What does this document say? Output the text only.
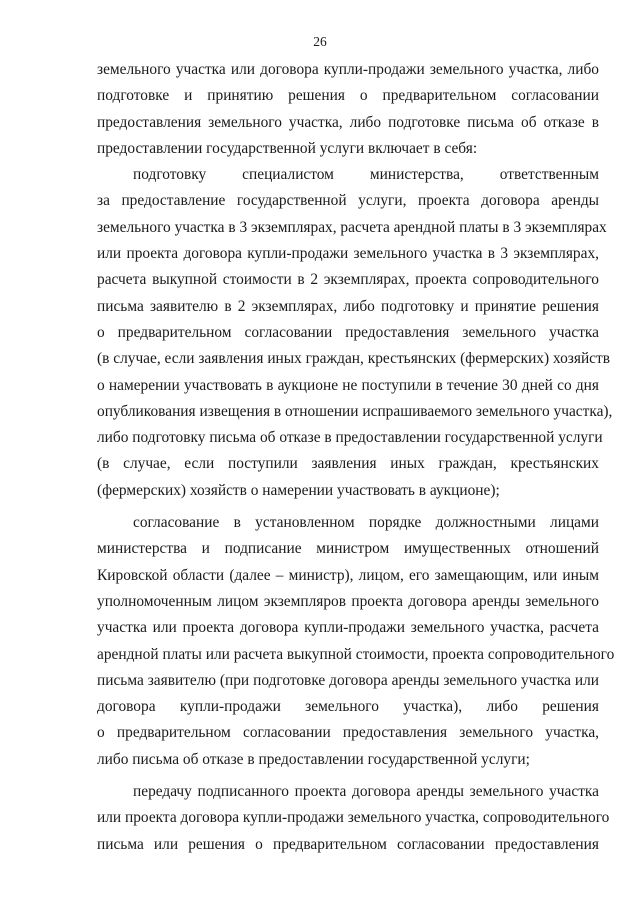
26
земельного участка или договора купли-продажи земельного участка, либо
подготовке и принятию решения о предварительном согласовании
предоставления земельного участка, либо подготовке письма об отказе в
предоставлении государственной услуги включает в себя:
подготовку специалистом министерства, ответственным
за предоставление государственной услуги, проекта договора аренды
земельного участка в 3 экземплярах, расчета арендной платы в 3 экземплярах
или проекта договора купли-продажи земельного участка в 3 экземплярах,
расчета выкупной стоимости в 2 экземплярах, проекта сопроводительного
письма заявителю в 2 экземплярах, либо подготовку и принятие решения
о предварительном согласовании предоставления земельного участка
(в случае, если заявления иных граждан, крестьянских (фермерских) хозяйств
о намерении участвовать в аукционе не поступили в течение 30 дней со дня
опубликования извещения в отношении испрашиваемого земельного участка),
либо подготовку письма об отказе в предоставлении государственной услуги
(в случае, если поступили заявления иных граждан, крестьянских
(фермерских) хозяйств о намерении участвовать в аукционе);
согласование в установленном порядке должностными лицами
министерства и подписание министром имущественных отношений
Кировской области (далее – министр), лицом, его замещающим, или иным
уполномоченным лицом экземпляров проекта договора аренды земельного
участка или проекта договора купли-продажи земельного участка, расчета
арендной платы или расчета выкупной стоимости, проекта сопроводительного
письма заявителю (при подготовке договора аренды земельного участка или
договора купли-продажи земельного участка), либо решения
о предварительном согласовании предоставления земельного участка,
либо письма об отказе в предоставлении государственной услуги;
передачу подписанного проекта договора аренды земельного участка
или проекта договора купли-продажи земельного участка, сопроводительного
письма или решения о предварительном согласовании предоставления
